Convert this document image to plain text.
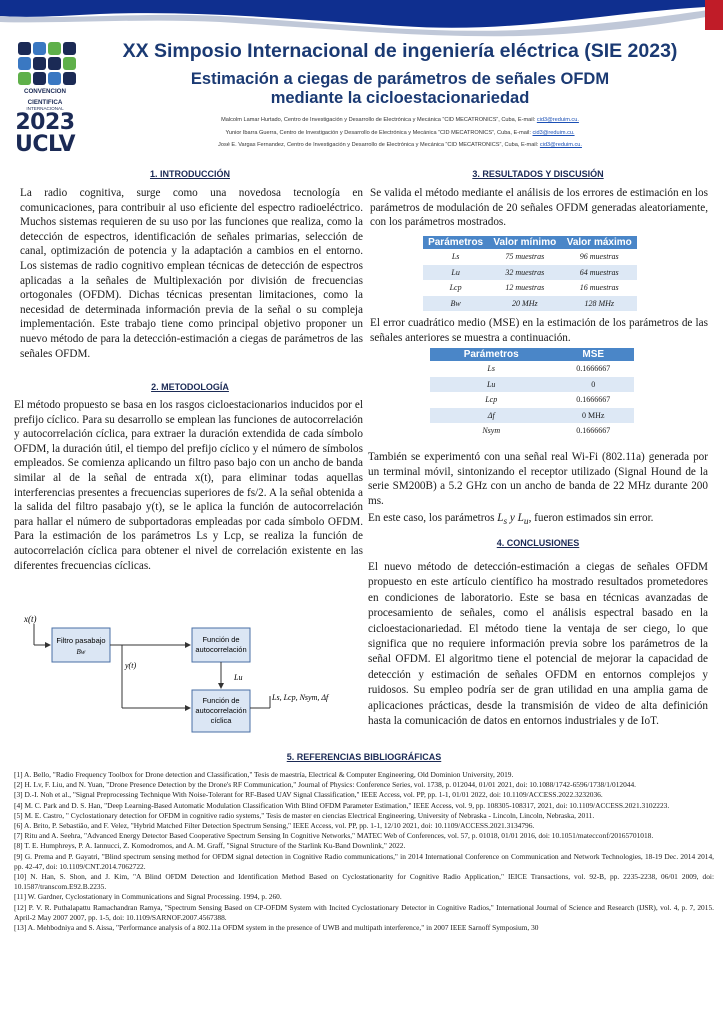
CONVENCION
CIENTIFICA
INTERNACIONAL
2023
UCLV
XX Simposio Internacional de ingeniería eléctrica (SIE 2023)
Estimación a ciegas de parámetros de señales OFDM
mediante la cicloestacionariedad
Malcolm Lamar Hurtado, Centro de Investigación y Desarrollo de Electrónica y Mecánica “CID MECATRONICS”, Cuba, E-mail: cid3@reduim.cu.
Yunior Ibarra Guerra, Centro de Investigación y Desarrollo de Electrónica y Mecánica “CID MECATRONICS”, Cuba, E-mail: cid3@reduim.cu.
José E. Vargas Fernandez, Centro de Investigación y Desarrollo de Electrónica y Mecánica “CID MECATRONICS”, Cuba, E-mail: cid3@reduim.cu.
1. INTRODUCCIÓN
La radio cognitiva, surge como una novedosa tecnología en comunicaciones, para contribuir al uso eficiente del espectro radioeléctrico. Muchos sistemas requieren de su uso por las funciones que realiza, como la detección de espectros, identificación de señales primarias, selección de canal, optimización de potencia y la adaptación a cambios en el entorno. Los sistemas de radio cognitivo emplean técnicas de detección de espectros aplicadas a la señales de Multiplexación por división de frecuencias ortogonales (OFDM). Dichas técnicas presentan limitaciones, como la necesidad de determinada información previa de la señal o su compleja implementación. Este trabajo tiene como principal objetivo proponer un nuevo método de para la detección-estimación a ciegas de parámetros de las señales OFDM.
2. METODOLOGÍA
El método propuesto se basa en los rasgos cicloestacionarios inducidos por el prefijo cíclico. Para su desarrollo se emplean las funciones de autocorrelación y autocorrelación cíclica, para extraer la duración extendida de cada símbolo OFDM, la duración útil, el tiempo del prefijo cíclico y el número de símbolos empleados. Se comienza aplicando un filtro paso bajo con un ancho de banda similar al de la señal de entrada x(t), para eliminar todas aquellas interferencias presentes a frecuencias superiores de fs/2. A la señal obtenida a la salida del filtro pasabajo y(t), se le aplica la función de autocorrelación para hallar el número de subportadoras empleadas por cada símbolo OFDM. Para la estimación de los parámetros Ls y Lcp, se realiza la función de autocorrelación cíclica para obtener el nivel de correlación existente en las diferentes frecuencias cíclicas.
x(t)
Filtro pasabajo
Bw
y(t)
Función de
autocorrelación
Lu
Función de
autocorrelación
cíclica
Ls, Lcp, Nsym, Δf
3. RESULTADOS Y DISCUSIÓN
Se valida el método mediante el análisis de los errores de estimación en los parámetros de modulación de 20 señales OFDM generadas aleatoriamente, con los parámetros mostrados.
Parámetros	Valor mínimo	Valor máximo
Ls	75 muestras	96 muestras
Lu	32 muestras	64 muestras
Lcp	12 muestras	16 muestras
Bw	20 MHz	128 MHz
El error cuadrático medio (MSE) en la estimación de los parámetros de las señales anteriores se muestra a continuación.
Parámetros	MSE
Ls	0.1666667
Lu	0
Lcp	0.1666667
Δf	0 MHz
Nsym	0.1666667
También se experimentó con una señal real Wi-Fi (802.11a) generada por un terminal móvil, sintonizando el receptor utilizado (Signal Hound de la serie SM200B) a 5.2 GHz con un ancho de banda de 22 MHz durante 200 ms.
En este caso, los parámetros $L_s$ y $L_u$, fueron estimados sin error.
4. CONCLUSIONES
El nuevo método de detección-estimación a ciegas de señales OFDM propuesto en este artículo científico ha mostrado resultados prometedores en condiciones de laboratorio. Este se basa en técnicas avanzadas de procesamiento de señales, como el análisis espectral basado en la cicloestacionariedad. El método tiene la ventaja de ser ciego, lo que significa que no requiere información previa sobre los parámetros de la señal OFDM. El algoritmo tiene el potencial de mejorar la capacidad de detección y estimación de señales OFDM en entornos complejos y ruidosos. Su empleo podría ser de gran utilidad en una amplia gama de aplicaciones prácticas, desde la transmisión de video de alta definición hasta la comunicación de datos en entornos industriales y de IoT.
5. REFERENCIAS BIBLIOGRÁFICAS
[1] A. Bello, "Radio Frequency Toolbox for Drone detection and Classification," Tesis de maestría, Electrical & Computer Engineering, Old Dominion University, 2019.
[2] H. Lv, F. Liu, and N. Yuan, "Drone Presence Detection by the Drone's RF Communication," Journal of Physics: Conference Series, vol. 1738, p. 012044, 01/01 2021, doi: 10.1088/1742-6596/1738/1/012044.
[3] D.-I. Noh et al., "Signal Preprocessing Technique With Noise-Tolerant for RF-Based UAV Signal Classification," IEEE Access, vol. PP, pp. 1-1, 01/01 2022, doi: 10.1109/ACCESS.2022.3232036.
[4] M. C. Park and D. S. Han, "Deep Learning-Based Automatic Modulation Classification With Blind OFDM Parameter Estimation," IEEE Access, vol. 9, pp. 108305-108317, 2021, doi: 10.1109/ACCESS.2021.3102223.
[5] M. E. Castro, " Cyclostationary detection for OFDM in cognitive radio systems," Tesis de master en ciencias Electrical Engineering, University of Nebraska - Lincoln, Lincoln, Nebraska, 2011.
[6] A. Brito, P. Sebastião, and F. Velez, "Hybrid Matched Filter Detection Spectrum Sensing," IEEE Access, vol. PP, pp. 1-1, 12/10 2021, doi: 10.1109/ACCESS.2021.3134796.
[7] Ritu and A. Seehra, "Advanced Energy Detector Based Cooperative Spectrum Sensing In Cognitive Networks," MATEC Web of Conferences, vol. 57, p. 01018, 01/01 2016, doi: 10.1051/matecconf/20165701018.
[8] T. E. Humphreys, P. A. Iannucci, Z. Komodromos, and A. M. Graff, "Signal Structure of the Starlink Ku-Band Downlink," 2022.
[9] G. Prema and P. Gayatri, "Blind spectrum sensing method for OFDM signal detection in Cognitive Radio communications," in 2014 International Conference on Communication and Network Technologies, 18-19 Dec. 2014 2014, pp. 42-47, doi: 10.1109/CNT.2014.7062722.
[10] N. Han, S. Shon, and J. Kim, "A Blind OFDM Detection and Identification Method Based on Cyclostationarity for Cognitive Radio Application," IEICE Transactions, vol. 92-B, pp. 2235-2238, 06/01 2009, doi: 10.1587/transcom.E92.B.2235.
[11] W. Gardner, Cyclostationary in Communications and Signal Processing. 1994, p. 260.
[12] P. V. R. Puthalapattu Ramachandran Ramya, "Spectrum Sensing Based on CP-OFDM System with Incited Cyclostationary Detector in Cognitive Radios," International Journal of Science and Research (IJSR), vol. 4, p. 7, 2015. April-2 May 2007 2007, pp. 1-5, doi: 10.1109/SARNOF.2007.4567388.
[13] A. Mehbodniya and S. Aissa, "Performance analysis of a 802.11a OFDM system in the presence of UWB and multipath interference," in 2007 IEEE Sarnoff Symposium, 30
